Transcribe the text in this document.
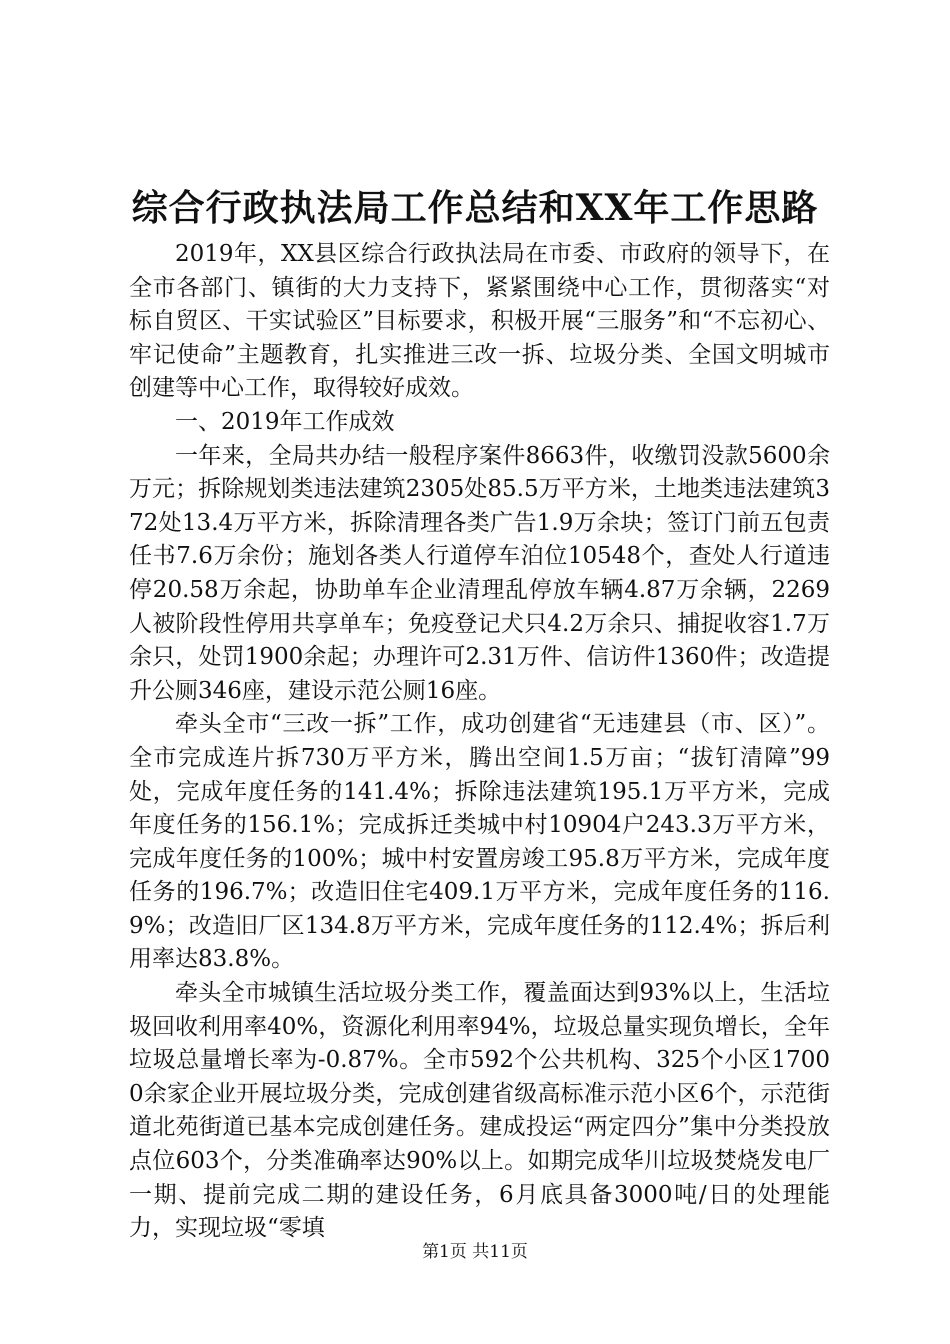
综合行政执法局工作总结和XX年工作思路

2019年，XX县区综合行政执法局在市委、市政府的领导下，在全市各部门、镇街的大力支持下，紧紧围绕中心工作，贯彻落实“对标自贸区、干实试验区”目标要求，积极开展“三服务”和“不忘初心、牢记使命”主题教育，扎实推进三改一拆、垃圾分类、全国文明城市创建等中心工作，取得较好成效。

一、2019年工作成效

一年来，全局共办结一般程序案件8663件，收缴罚没款5600余万元；拆除规划类违法建筑2305处85.5万平方米，土地类违法建筑372处13.4万平方米，拆除清理各类广告1.9万余块；签订门前五包责任书7.6万余份；施划各类人行道停车泊位10548个，查处人行道违停20.58万余起，协助单车企业清理乱停放车辆4.87万余辆，2269人被阶段性停用共享单车；免疫登记犬只4.2万余只、捕捉收容1.7万余只，处罚1900余起；办理许可2.31万件、信访件1360件；改造提升公厕346座，建设示范公厕16座。

牵头全市“三改一拆”工作，成功创建省“无违建县（市、区）”。全市完成连片拆730万平方米，腾出空间1.5万亩；“拔钉清障”99处，完成年度任务的141.4%；拆除违法建筑195.1万平方米，完成年度任务的156.1%；完成拆迁类城中村10904户243.3万平方米，完成年度任务的100%；城中村安置房竣工95.8万平方米，完成年度任务的196.7%；改造旧住宅409.1万平方米，完成年度任务的116.9%；改造旧厂区134.8万平方米，完成年度任务的112.4%；拆后利用率达83.8%。

牵头全市城镇生活垃圾分类工作，覆盖面达到93%以上，生活垃圾回收利用率40%，资源化利用率94%，垃圾总量实现负增长，全年垃圾总量增长率为-0.87%。全市592个公共机构、325个小区17000余家企业开展垃圾分类，完成创建省级高标准示范小区6个，示范街道北苑街道已基本完成创建任务。建成投运“两定四分”集中分类投放点位603个，分类准确率达90%以上。如期完成华川垃圾焚烧发电厂一期、提前完成二期的建设任务，6月底具备3000吨/日的处理能力，实现垃圾“零填

第1页 共11页
